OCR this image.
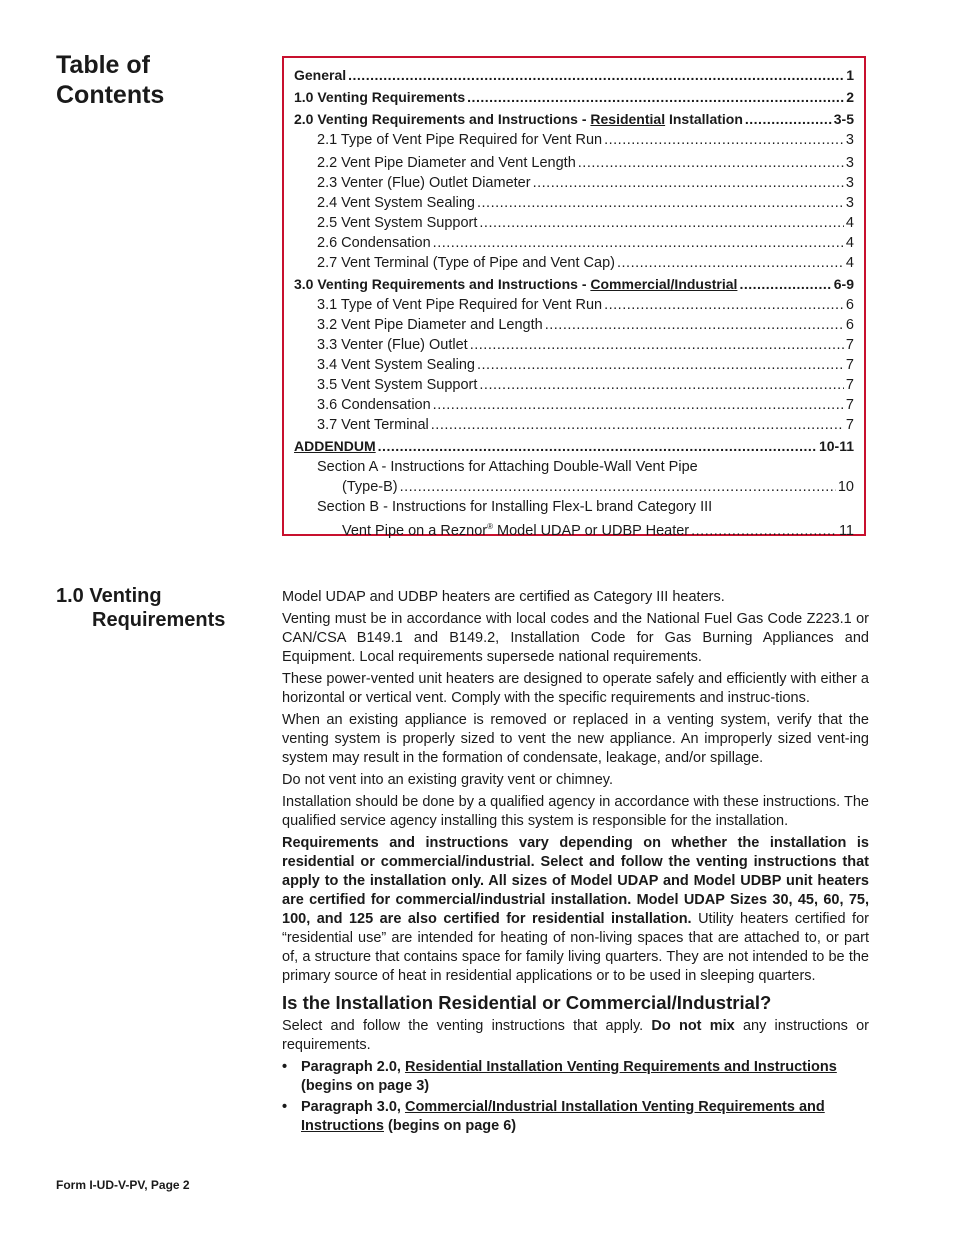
Table of
Contents
General .....	1
1.0 Venting Requirements .....	2
2.0 Venting Requirements and Instructions - Residential Installation .....	3-5
2.1 Type of Vent Pipe Required for Vent Run .....	3
2.2 Vent Pipe Diameter and Vent Length .....	3
2.3 Venter (Flue) Outlet Diameter .....	3
2.4 Vent System Sealing .....	3
2.5 Vent System Support .....	4
2.6 Condensation .....	4
2.7 Vent Terminal (Type of Pipe and Vent Cap) .....	4
3.0 Venting Requirements and Instructions - Commercial/Industrial .....	6-9
3.1 Type of Vent Pipe Required for Vent Run .....	6
3.2 Vent Pipe Diameter and Length .....	6
3.3 Venter (Flue) Outlet .....	7
3.4 Vent System Sealing .....	7
3.5 Vent System Support .....	7
3.6 Condensation .....	7
3.7 Vent Terminal .....	7
ADDENDUM .....	10-11
Section A - Instructions for Attaching Double-Wall Vent Pipe
(Type-B) .....	10
Section B - Instructions for Installing Flex-L brand Category III
Vent Pipe on a Reznor® Model UDAP or UDBP Heater .....	11
1.0 Venting
Requirements

Model UDAP and UDBP heaters are certified as Category III heaters.

Venting must be in accordance with local codes and the National Fuel Gas Code Z223.1 or CAN/CSA B149.1 and B149.2, Installation Code for Gas Burning Appliances and Equipment. Local requirements supersede national requirements.

These power-vented unit heaters are designed to operate safely and efficiently with either a horizontal or vertical vent. Comply with the specific requirements and instruc-tions.

When an existing appliance is removed or replaced in a venting system, verify that the venting system is properly sized to vent the new appliance. An improperly sized vent-ing system may result in the formation of condensate, leakage, and/or spillage.

Do not vent into an existing gravity vent or chimney.

Installation should be done by a qualified agency in accordance with these instructions. The qualified service agency installing this system is responsible for the installation.

Requirements and instructions vary depending on whether the installation is residential or commercial/industrial. Select and follow the venting instructions that apply to the installation only. All sizes of Model UDAP and Model UDBP unit heaters are certified for commercial/industrial installation. Model UDAP Sizes 30, 45, 60, 75, 100, and 125 are also certified for residential installation. Utility heaters certified for “residential use” are intended for heating of non-living spaces that are attached to, or part of, a structure that contains space for family living quarters. They are not intended to be the primary source of heat in residential applications or to be used in sleeping quarters.

Is the Installation Residential or Commercial/Industrial?

Select and follow the venting instructions that apply. Do not mix any instructions or requirements.

• Paragraph 2.0, Residential Installation Venting Requirements and Instructions (begins on page 3)
• Paragraph 3.0, Commercial/Industrial Installation Venting Requirements and Instructions (begins on page 6)
Form I-UD-V-PV, Page 2
